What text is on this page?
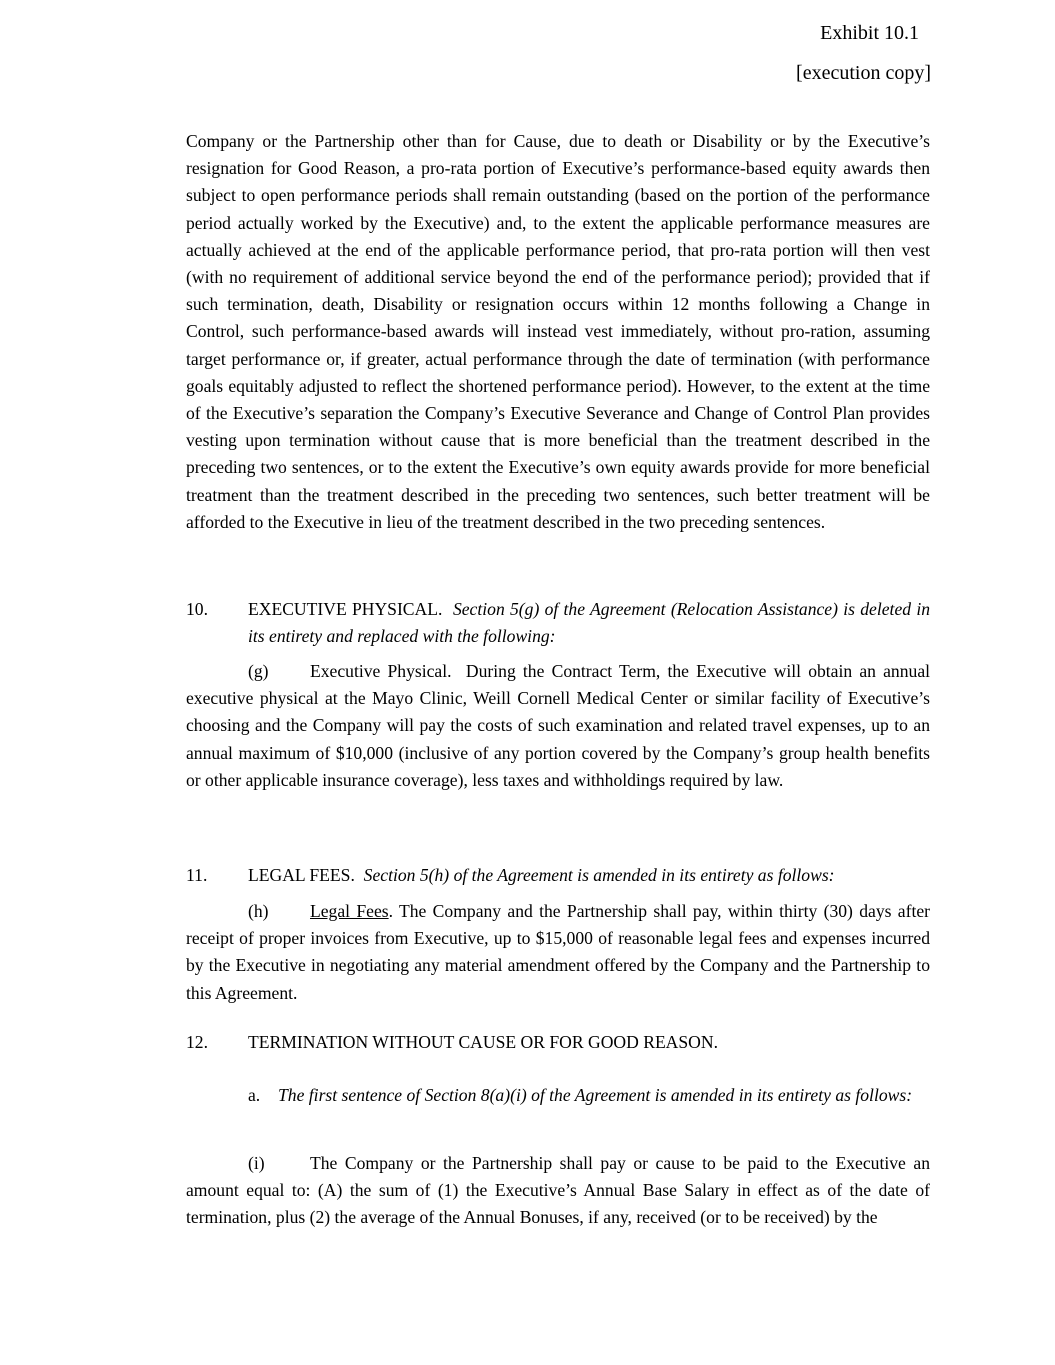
Exhibit 10.1
[execution copy]
Company or the Partnership other than for Cause, due to death or Disability or by the Executive’s resignation for Good Reason, a pro-rata portion of Executive’s performance-based equity awards then subject to open performance periods shall remain outstanding (based on the portion of the performance period actually worked by the Executive) and, to the extent the applicable performance measures are actually achieved at the end of the applicable performance period, that pro-rata portion will then vest (with no requirement of additional service beyond the end of the performance period); provided that if such termination, death, Disability or resignation occurs within 12 months following a Change in Control, such performance-based awards will instead vest immediately, without pro-ration, assuming target performance or, if greater, actual performance through the date of termination (with performance goals equitably adjusted to reflect the shortened performance period). However, to the extent at the time of the Executive’s separation the Company’s Executive Severance and Change of Control Plan provides vesting upon termination without cause that is more beneficial than the treatment described in the preceding two sentences, or to the extent the Executive’s own equity awards provide for more beneficial treatment than the treatment described in the preceding two sentences, such better treatment will be afforded to the Executive in lieu of the treatment described in the two preceding sentences.
10. EXECUTIVE PHYSICAL. Section 5(g) of the Agreement (Relocation Assistance) is deleted in its entirety and replaced with the following:
(g) Executive Physical. During the Contract Term, the Executive will obtain an annual executive physical at the Mayo Clinic, Weill Cornell Medical Center or similar facility of Executive’s choosing and the Company will pay the costs of such examination and related travel expenses, up to an annual maximum of $10,000 (inclusive of any portion covered by the Company’s group health benefits or other applicable insurance coverage), less taxes and withholdings required by law.
11. LEGAL FEES. Section 5(h) of the Agreement is amended in its entirety as follows:
(h) Legal Fees. The Company and the Partnership shall pay, within thirty (30) days after receipt of proper invoices from Executive, up to $15,000 of reasonable legal fees and expenses incurred by the Executive in negotiating any material amendment offered by the Company and the Partnership to this Agreement.
12. TERMINATION WITHOUT CAUSE OR FOR GOOD REASON.
a. The first sentence of Section 8(a)(i) of the Agreement is amended in its entirety as follows:
(i)	The Company or the Partnership shall pay or cause to be paid to the Executive an amount equal to: (A) the sum of (1) the Executive’s Annual Base Salary in effect as of the date of termination, plus (2) the average of the Annual Bonuses, if any, received (or to be received) by the
